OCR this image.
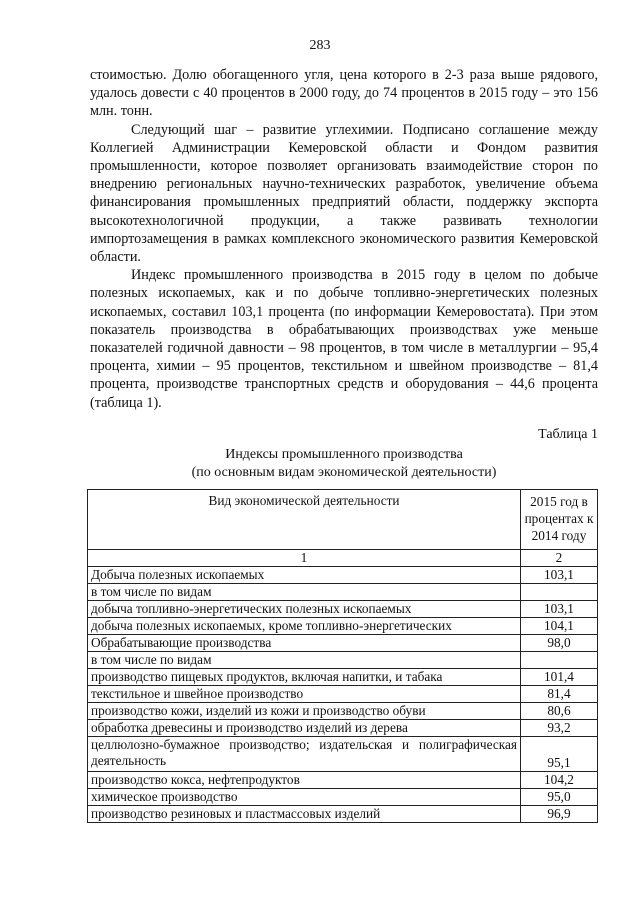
283

стоимостью. Долю обогащенного угля, цена которого в 2-3 раза выше рядового, удалось довести с 40 процентов в 2000 году, до 74 процентов в 2015 году – это 156 млн. тонн.

Следующий шаг – развитие углехимии. Подписано соглашение между Коллегией Администрации Кемеровской области и Фондом развития промышленности, которое позволяет организовать взаимодействие сторон по внедрению региональных научно-технических разработок, увеличение объема финансирования промышленных предприятий области, поддержку экспорта высокотехнологичной продукции, а также развивать технологии импортозамещения в рамках комплексного экономического развития Кемеровской области.

Индекс промышленного производства в 2015 году в целом по добыче полезных ископаемых, как и по добыче топливно-энергетических полезных ископаемых, составил 103,1 процента (по информации Кемеровостата). При этом показатель производства в обрабатывающих производствах уже меньше показателей годичной давности – 98 процентов, в том числе в металлургии – 95,4 процента, химии – 95 процентов, текстильном и швейном производстве – 81,4 процента, производстве транспортных средств и оборудования – 44,6 процента (таблица 1).

Таблица 1
Индексы промышленного производства
(по основным видам экономической деятельности)
Вид экономической деятельности	2015 год в процентах к 2014 году
1	2
Добыча полезных ископаемых	103,1
в том числе по видам	
добыча топливно-энергетических полезных ископаемых	103,1
добыча полезных ископаемых, кроме топливно-энергетических	104,1
Обрабатывающие производства	98,0
в том числе по видам	
производство пищевых продуктов, включая напитки, и табака	101,4
текстильное и швейное производство	81,4
производство кожи, изделий из кожи и производство обуви	80,6
обработка древесины и производство изделий из дерева	93,2
целлюлозно-бумажное производство; издательская и полиграфическая деятельность	95,1
производство кокса, нефтепродуктов	104,2
химическое производство	95,0
производство резиновых и пластмассовых изделий	96,9
